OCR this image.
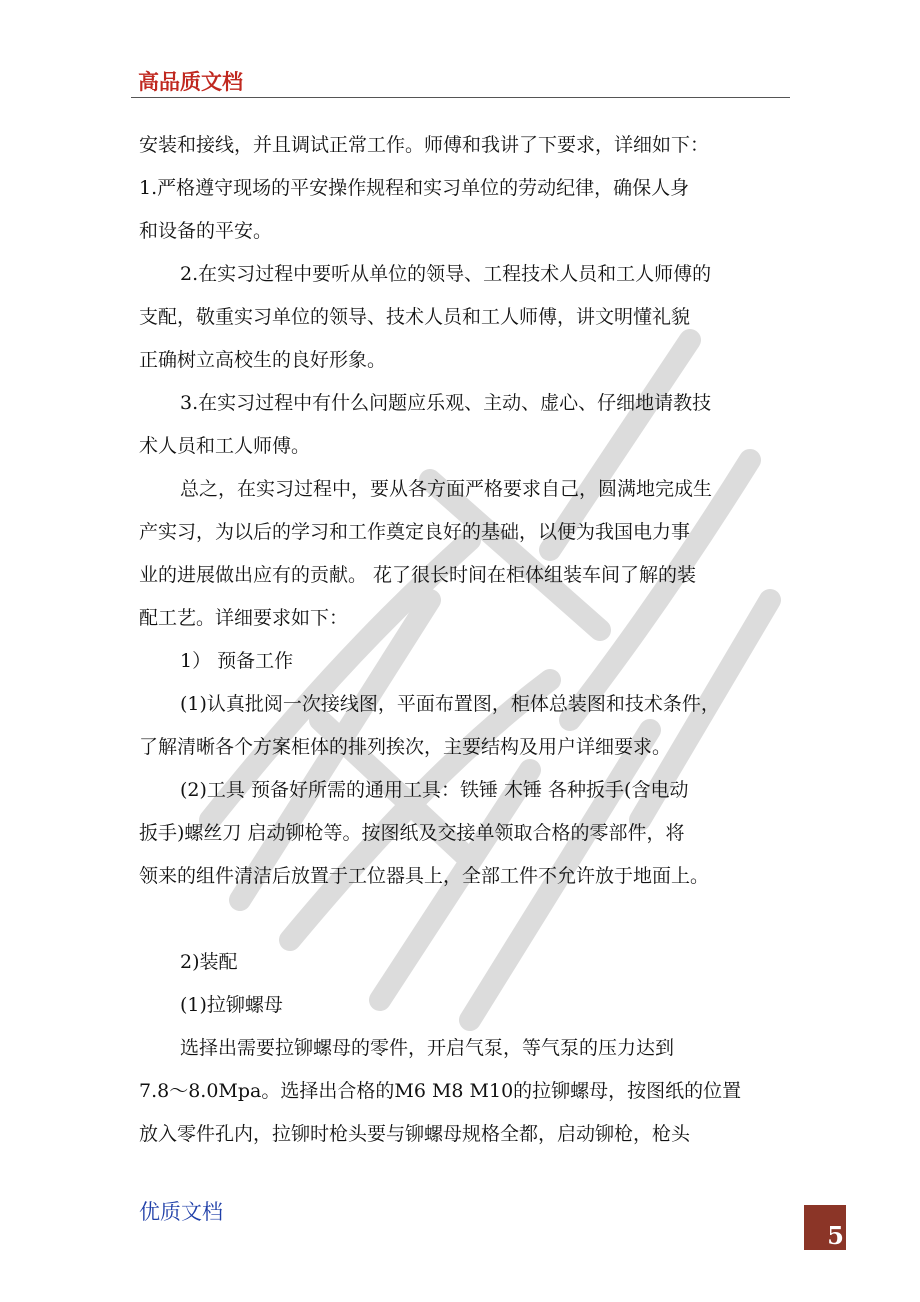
高品质文档
匹特皇制
安装和接线，并且调试正常工作。师傅和我讲了下要求，详细如下：
1.严格遵守现场的平安操作规程和实习单位的劳动纪律，确保人身
和设备的平安。
2.在实习过程中要听从单位的领导、工程技术人员和工人师傅的
支配，敬重实习单位的领导、技术人员和工人师傅，讲文明懂礼貌
正确树立高校生的良好形象。
3.在实习过程中有什么问题应乐观、主动、虚心、仔细地请教技
术人员和工人师傅。
总之，在实习过程中，要从各方面严格要求自己，圆满地完成生
产实习，为以后的学习和工作奠定良好的基础，以便为我国电力事
业的进展做出应有的贡献。 花了很长时间在柜体组装车间了解的装
配工艺。详细要求如下：
1） 预备工作
(1)认真批阅一次接线图，平面布置图，柜体总装图和技术条件，
了解清晰各个方案柜体的排列挨次，主要结构及用户详细要求。
(2)工具 预备好所需的通用工具：铁锤 木锤 各种扳手(含电动
扳手)螺丝刀 启动铆枪等。按图纸及交接单领取合格的零部件，将
领来的组件清洁后放置于工位器具上，全部工件不允许放于地面上。
2)装配
(1)拉铆螺母
选择出需要拉铆螺母的零件，开启气泵，等气泵的压力达到
7.8～8.0Mpa。选择出合格的M6 M8 M10的拉铆螺母，按图纸的位置
放入零件孔内，拉铆时枪头要与铆螺母规格全都，启动铆枪，枪头
优质文档
5
